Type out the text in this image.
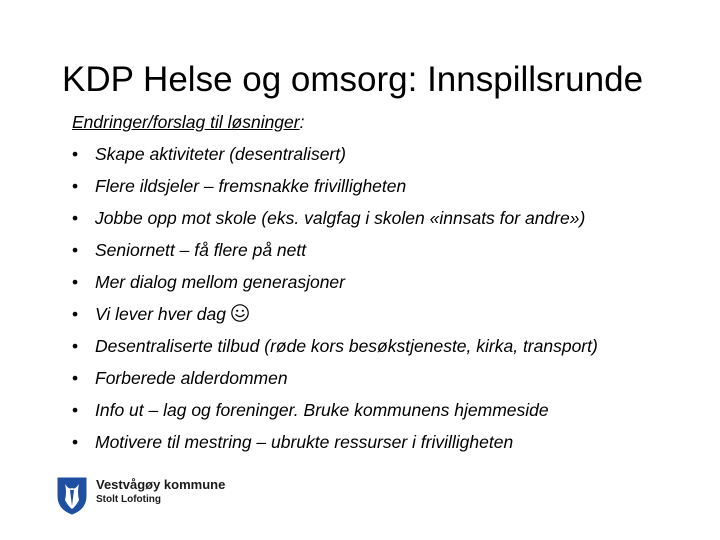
KDP Helse og omsorg: Innspillsrunde
Endringer/forslag til løsninger:
• Skape aktiviteter (desentralisert)
• Flere ildsjeler – fremsnakke frivilligheten
• Jobbe opp mot skole (eks. valgfag i skolen «innsats for andre»)
• Seniornett – få flere på nett
• Mer dialog mellom generasjoner
• Vi lever hver dag
• Desentraliserte tilbud (røde kors besøkstjeneste, kirka, transport)
• Forberede alderdommen
• Info ut – lag og foreninger. Bruke kommunens hjemmeside
• Motivere til mestring – ubrukte ressurser i frivilligheten
Vestvågøy kommune
Stolt Lofoting
